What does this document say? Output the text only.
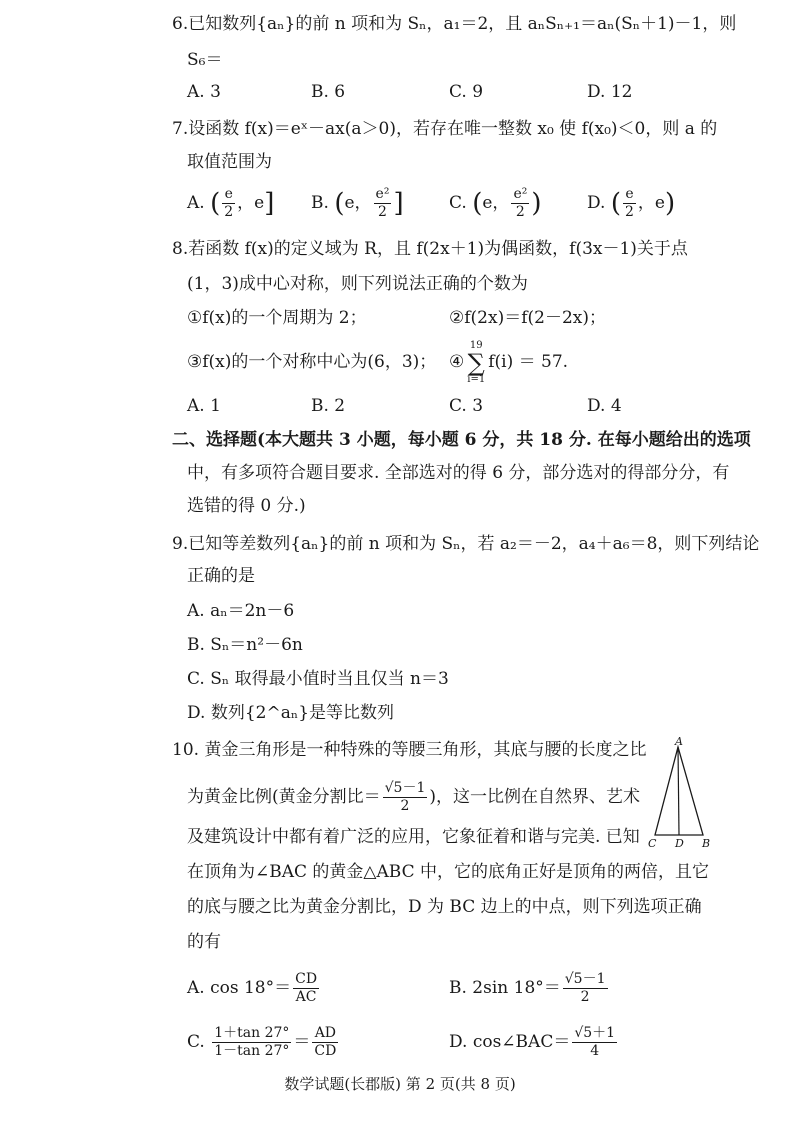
6.已知数列{aₙ}的前 n 项和为 Sₙ，a₁＝2，且 aₙSₙ₊₁＝aₙ(Sₙ＋1)－1，则
S₆＝
A. 3	B. 6	C. 9	D. 12
7.设函数 f(x)＝eˣ－ax(a＞0)，若存在唯一整数 x₀ 使 f(x₀)＜0，则 a 的
取值范围为
A. ( $\frac{e}{2}$ ，e] B. (e， $\frac{\text{e²}}{2}$ ]	C. (e， $\frac{\text{e²}}{2}$ )	D. ( $\frac{e}{2}$ ，e)
8.若函数 f(x)的定义域为 R，且 f(2x＋1)为偶函数，f(3x－1)关于点
(1，3)成中心对称，则下列说法正确的个数为
①f(x)的一个周期为 2；	②f(2x)＝f(2－2x)；
③f(x)的一个对称中心为(6，3)； ④
19
∑
i=1
f(i) ＝ 57.
A. 1	B. 2	C. 3	D. 4
二、选择题(本大题共 3 小题，每小题 6 分，共 18 分. 在每小题给出的选项
中，有多项符合题目要求. 全部选对的得 6 分，部分选对的得部分分，有
选错的得 0 分.)
9.已知等差数列{aₙ}的前 n 项和为 Sₙ，若 a₂＝－2，a₄＋a₆＝8，则下列结论
正确的是
A. aₙ＝2n－6
B. Sₙ＝n²－6n
C. Sₙ 取得最小值时当且仅当 n＝3
D. 数列{2^aₙ}是等比数列
10. 黄金三角形是一种特殊的等腰三角形，其底与腰的长度之比
为黄金比例(黄金分割比＝ $\frac{√5-1}{2}$ )，这一比例在自然界、艺术
及建筑设计中都有着广泛的应用，它象征着和谐与完美. 已知
在顶角为∠BAC 的黄金△ABC 中，它的底角正好是顶角的两倍，且它
的底与腰之比为黄金分割比，D 为 BC 边上的中点，则下列选项正确
的有
A
C D B
A. $\cos 18^\circ= \frac{CD}{AC}$	B. 2sin $18^\circ= \frac{√5-1}{2}$
C. $\frac{1+\tan 27^\circ}{1-\tan 27^\circ} = \frac{AD}{CD}$	D. cos∠BAC＝ $\frac{√5+1}{4}$
数学试题(长郡版) 第 2 页(共 8 页)
